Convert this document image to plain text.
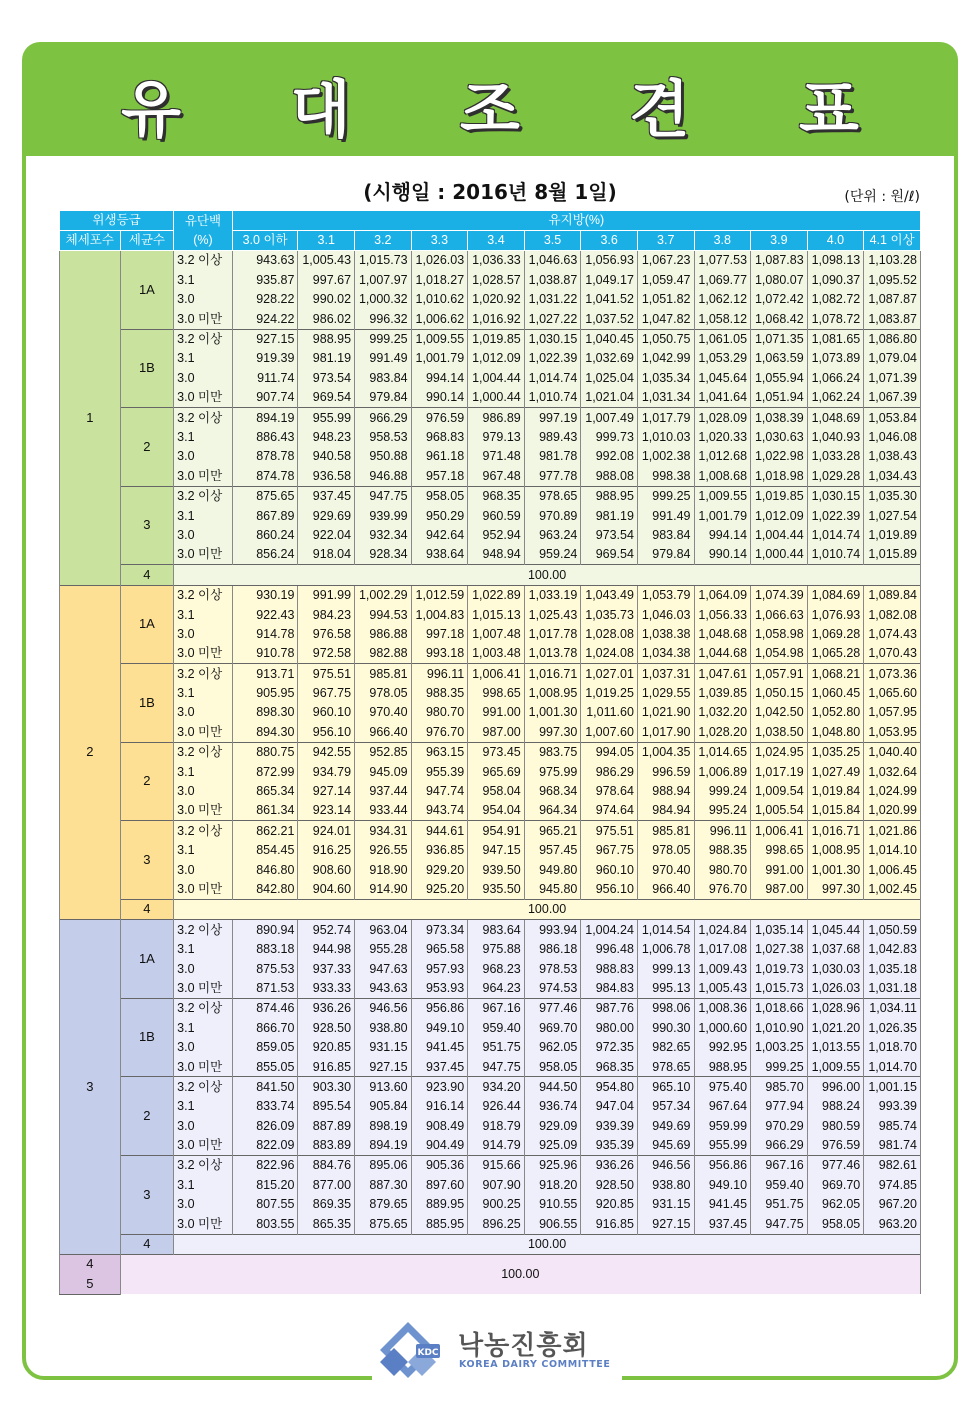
유 대 조 견 표
(시행일 : 2016년 8월 1일)	(단위 : 원/ℓ)
위생등급		유단백
(%)	유지방(%)											
체세포수	세균수		3.0 이하	3.1	3.2	3.3	3.4	3.5	3.6	3.7	3.8	3.9	4.0	4.1 이상
1	1A	3.2 이상	943.63	1,005.43	1,015.73	1,026.03	1,036.33	1,046.63	1,056.93	1,067.23	1,077.53	1,087.83	1,098.13	1,103.28
		3.1	935.87	997.67	1,007.97	1,018.27	1,028.57	1,038.87	1,049.17	1,059.47	1,069.77	1,080.07	1,090.37	1,095.52
		3.0	928.22	990.02	1,000.32	1,010.62	1,020.92	1,031.22	1,041.52	1,051.82	1,062.12	1,072.42	1,082.72	1,087.87
		3.0 미만	924.22	986.02	996.32	1,006.62	1,016.92	1,027.22	1,037.52	1,047.82	1,058.12	1,068.42	1,078.72	1,083.87
	1B	3.2 이상	927.15	988.95	999.25	1,009.55	1,019.85	1,030.15	1,040.45	1,050.75	1,061.05	1,071.35	1,081.65	1,086.80
		3.1	919.39	981.19	991.49	1,001.79	1,012.09	1,022.39	1,032.69	1,042.99	1,053.29	1,063.59	1,073.89	1,079.04
		3.0	911.74	973.54	983.84	994.14	1,004.44	1,014.74	1,025.04	1,035.34	1,045.64	1,055.94	1,066.24	1,071.39
		3.0 미만	907.74	969.54	979.84	990.14	1,000.44	1,010.74	1,021.04	1,031.34	1,041.64	1,051.94	1,062.24	1,067.39
	2	3.2 이상	894.19	955.99	966.29	976.59	986.89	997.19	1,007.49	1,017.79	1,028.09	1,038.39	1,048.69	1,053.84
		3.1	886.43	948.23	958.53	968.83	979.13	989.43	999.73	1,010.03	1,020.33	1,030.63	1,040.93	1,046.08
		3.0	878.78	940.58	950.88	961.18	971.48	981.78	992.08	1,002.38	1,012.68	1,022.98	1,033.28	1,038.43
		3.0 미만	874.78	936.58	946.88	957.18	967.48	977.78	988.08	998.38	1,008.68	1,018.98	1,029.28	1,034.43
	3	3.2 이상	875.65	937.45	947.75	958.05	968.35	978.65	988.95	999.25	1,009.55	1,019.85	1,030.15	1,035.30
		3.1	867.89	929.69	939.99	950.29	960.59	970.89	981.19	991.49	1,001.79	1,012.09	1,022.39	1,027.54
		3.0	860.24	922.04	932.34	942.64	952.94	963.24	973.54	983.84	994.14	1,004.44	1,014.74	1,019.89
		3.0 미만	856.24	918.04	928.34	938.64	948.94	959.24	969.54	979.84	990.14	1,000.44	1,010.74	1,015.89
	4	100.00												
2	1A	3.2 이상	930.19	991.99	1,002.29	1,012.59	1,022.89	1,033.19	1,043.49	1,053.79	1,064.09	1,074.39	1,084.69	1,089.84
		3.1	922.43	984.23	994.53	1,004.83	1,015.13	1,025.43	1,035.73	1,046.03	1,056.33	1,066.63	1,076.93	1,082.08
		3.0	914.78	976.58	986.88	997.18	1,007.48	1,017.78	1,028.08	1,038.38	1,048.68	1,058.98	1,069.28	1,074.43
		3.0 미만	910.78	972.58	982.88	993.18	1,003.48	1,013.78	1,024.08	1,034.38	1,044.68	1,054.98	1,065.28	1,070.43
	1B	3.2 이상	913.71	975.51	985.81	996.11	1,006.41	1,016.71	1,027.01	1,037.31	1,047.61	1,057.91	1,068.21	1,073.36
		3.1	905.95	967.75	978.05	988.35	998.65	1,008.95	1,019.25	1,029.55	1,039.85	1,050.15	1,060.45	1,065.60
		3.0	898.30	960.10	970.40	980.70	991.00	1,001.30	1,011.60	1,021.90	1,032.20	1,042.50	1,052.80	1,057.95
		3.0 미만	894.30	956.10	966.40	976.70	987.00	997.30	1,007.60	1,017.90	1,028.20	1,038.50	1,048.80	1,053.95
	2	3.2 이상	880.75	942.55	952.85	963.15	973.45	983.75	994.05	1,004.35	1,014.65	1,024.95	1,035.25	1,040.40
		3.1	872.99	934.79	945.09	955.39	965.69	975.99	986.29	996.59	1,006.89	1,017.19	1,027.49	1,032.64
		3.0	865.34	927.14	937.44	947.74	958.04	968.34	978.64	988.94	999.24	1,009.54	1,019.84	1,024.99
		3.0 미만	861.34	923.14	933.44	943.74	954.04	964.34	974.64	984.94	995.24	1,005.54	1,015.84	1,020.99
	3	3.2 이상	862.21	924.01	934.31	944.61	954.91	965.21	975.51	985.81	996.11	1,006.41	1,016.71	1,021.86
		3.1	854.45	916.25	926.55	936.85	947.15	957.45	967.75	978.05	988.35	998.65	1,008.95	1,014.10
		3.0	846.80	908.60	918.90	929.20	939.50	949.80	960.10	970.40	980.70	991.00	1,001.30	1,006.45
		3.0 미만	842.80	904.60	914.90	925.20	935.50	945.80	956.10	966.40	976.70	987.00	997.30	1,002.45
	4	100.00												
3	1A	3.2 이상	890.94	952.74	963.04	973.34	983.64	993.94	1,004.24	1,014.54	1,024.84	1,035.14	1,045.44	1,050.59
		3.1	883.18	944.98	955.28	965.58	975.88	986.18	996.48	1,006.78	1,017.08	1,027.38	1,037.68	1,042.83
		3.0	875.53	937.33	947.63	957.93	968.23	978.53	988.83	999.13	1,009.43	1,019.73	1,030.03	1,035.18
		3.0 미만	871.53	933.33	943.63	953.93	964.23	974.53	984.83	995.13	1,005.43	1,015.73	1,026.03	1,031.18
	1B	3.2 이상	874.46	936.26	946.56	956.86	967.16	977.46	987.76	998.06	1,008.36	1,018.66	1,028.96	1,034.11
		3.1	866.70	928.50	938.80	949.10	959.40	969.70	980.00	990.30	1,000.60	1,010.90	1,021.20	1,026.35
		3.0	859.05	920.85	931.15	941.45	951.75	962.05	972.35	982.65	992.95	1,003.25	1,013.55	1,018.70
		3.0 미만	855.05	916.85	927.15	937.45	947.75	958.05	968.35	978.65	988.95	999.25	1,009.55	1,014.70
	2	3.2 이상	841.50	903.30	913.60	923.90	934.20	944.50	954.80	965.10	975.40	985.70	996.00	1,001.15
		3.1	833.74	895.54	905.84	916.14	926.44	936.74	947.04	957.34	967.64	977.94	988.24	993.39
		3.0	826.09	887.89	898.19	908.49	918.79	929.09	939.39	949.69	959.99	970.29	980.59	985.74
		3.0 미만	822.09	883.89	894.19	904.49	914.79	925.09	935.39	945.69	955.99	966.29	976.59	981.74
	3	3.2 이상	822.96	884.76	895.06	905.36	915.66	925.96	936.26	946.56	956.86	967.16	977.46	982.61
		3.1	815.20	877.00	887.30	897.60	907.90	918.20	928.50	938.80	949.10	959.40	969.70	974.85
		3.0	807.55	869.35	879.65	889.95	900.25	910.55	920.85	931.15	941.45	951.75	962.05	967.20
		3.0 미만	803.55	865.35	875.65	885.95	896.25	906.55	916.85	927.15	937.45	947.75	958.05	963.20
	4	100.00												
4	100.00													
5														
KDC 낙농진흥회
KOREA DAIRY COMMITTEE
